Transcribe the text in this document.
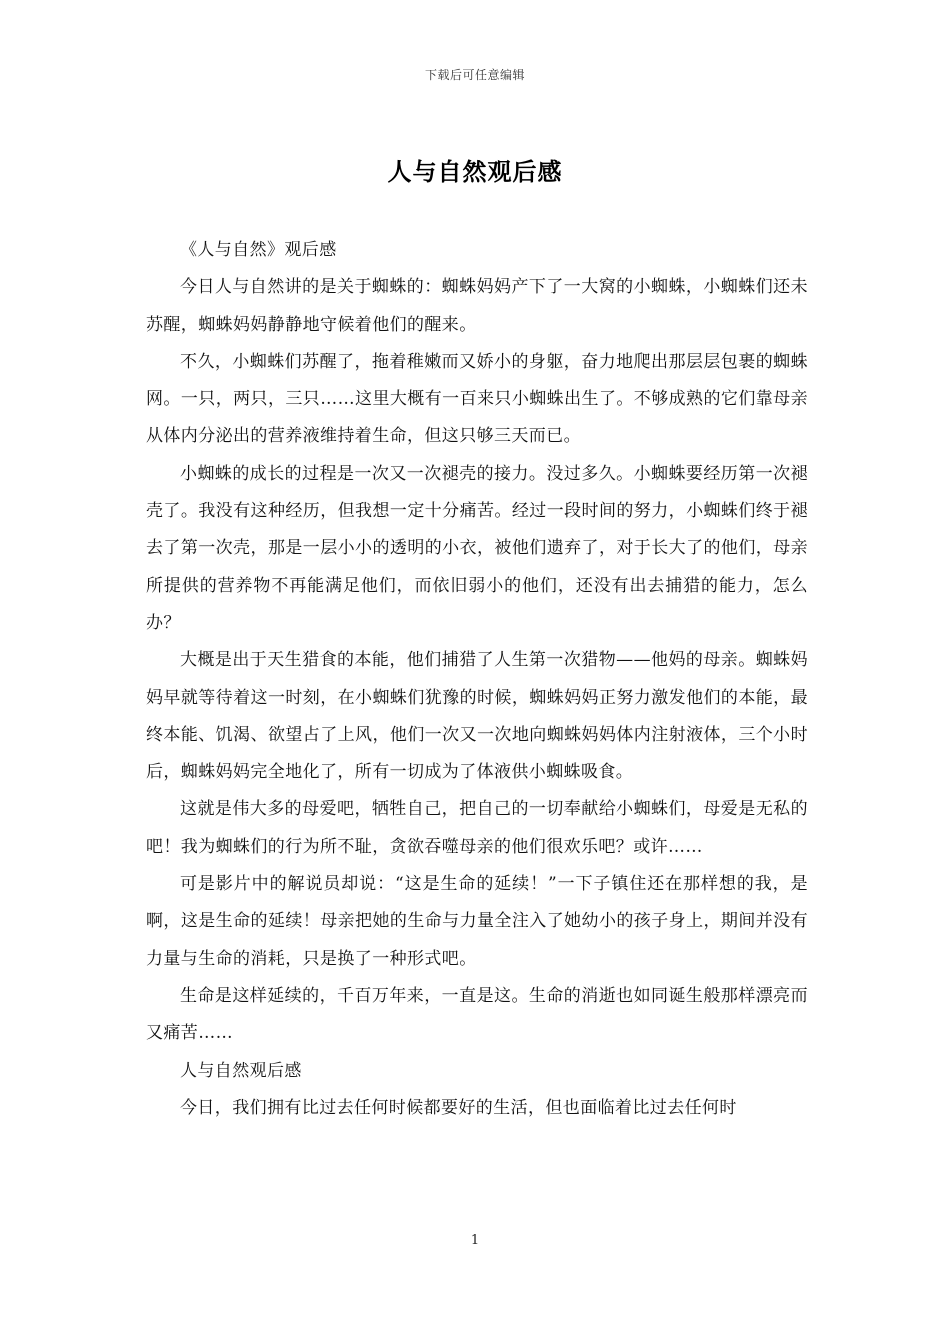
下载后可任意编辑
人与自然观后感

《人与自然》观后感

今日人与自然讲的是关于蜘蛛的：蜘蛛妈妈产下了一大窝的小蜘蛛，小蜘蛛们还未苏醒，蜘蛛妈妈静静地守候着他们的醒来。

不久，小蜘蛛们苏醒了，拖着稚嫩而又娇小的身躯，奋力地爬出那层层包裹的蜘蛛网。一只，两只，三只……这里大概有一百来只小蜘蛛出生了。不够成熟的它们靠母亲从体内分泌出的营养液维持着生命，但这只够三天而已。

小蜘蛛的成长的过程是一次又一次褪壳的接力。没过多久。小蜘蛛要经历第一次褪壳了。我没有这种经历，但我想一定十分痛苦。经过一段时间的努力，小蜘蛛们终于褪去了第一次壳，那是一层小小的透明的小衣，被他们遗弃了，对于长大了的他们，母亲所提供的营养物不再能满足他们，而依旧弱小的他们，还没有出去捕猎的能力，怎么办？

大概是出于天生猎食的本能，他们捕猎了人生第一次猎物——他妈的母亲。蜘蛛妈妈早就等待着这一时刻，在小蜘蛛们犹豫的时候，蜘蛛妈妈正努力激发他们的本能，最终本能、饥渴、欲望占了上风，他们一次又一次地向蜘蛛妈妈体内注射液体，三个小时后，蜘蛛妈妈完全地化了，所有一切成为了体液供小蜘蛛吸食。

这就是伟大多的母爱吧，牺牲自己，把自己的一切奉献给小蜘蛛们，母爱是无私的吧！我为蜘蛛们的行为所不耻，贪欲吞噬母亲的他们很欢乐吧？或许……

可是影片中的解说员却说：“这是生命的延续！”一下子镇住还在那样想的我，是啊，这是生命的延续！母亲把她的生命与力量全注入了她幼小的孩子身上，期间并没有力量与生命的消耗，只是换了一种形式吧。

生命是这样延续的，千百万年来，一直是这。生命的消逝也如同诞生般那样漂亮而又痛苦……

人与自然观后感

今日，我们拥有比过去任何时候都要好的生活，但也面临着比过去任何时

1
